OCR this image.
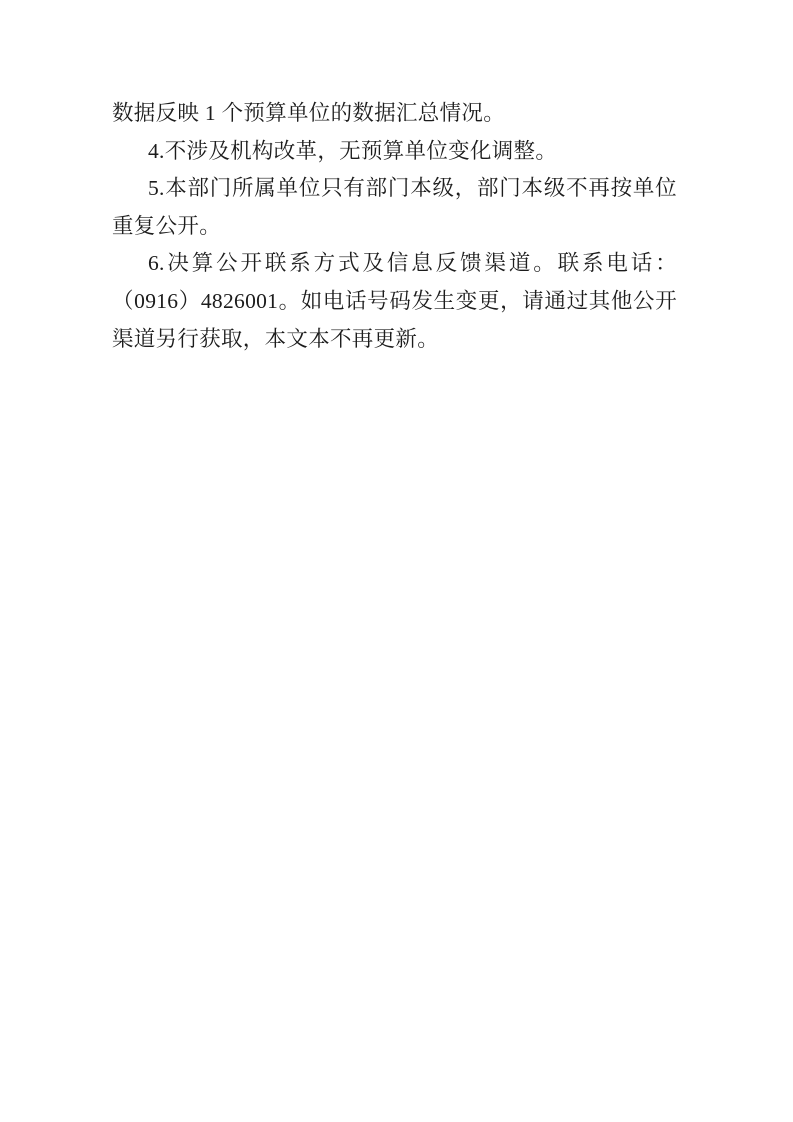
数据反映 1 个预算单位的数据汇总情况。
4.不涉及机构改革，无预算单位变化调整。
5.本部门所属单位只有部门本级，部门本级不再按单位
重复公开。
6.决算公开联系方式及信息反馈渠道。联系电话：
（0916）4826001。如电话号码发生变更，请通过其他公开
渠道另行获取，本文本不再更新。
